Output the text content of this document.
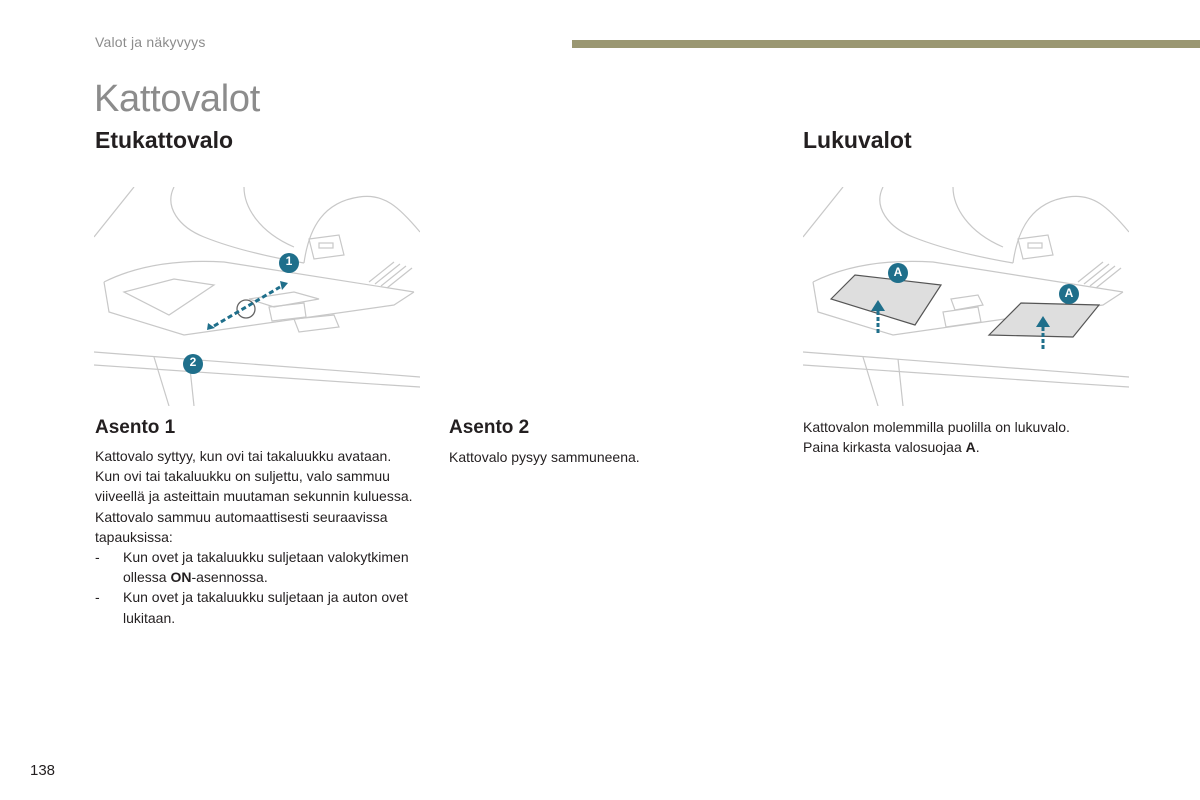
Valot ja näkyvyys
Kattovalot
Etukattovalo	Lukuvalot
1
2
A
A
Asento 1

Kattovalo syttyy, kun ovi tai takaluukku avataan.

Kun ovi tai takaluukku on suljettu, valo sammuu viiveellä ja asteittain muutaman sekunnin kuluessa.

Kattovalo sammuu automaattisesti seuraavissa tapauksissa:

-	Kun ovet ja takaluukku suljetaan valokytkimen ollessa ON-asennossa.
-	Kun ovet ja takaluukku suljetaan ja auton ovet lukitaan.
Asento 2

Kattovalo pysyy sammuneena.

Kattovalon molemmilla puolilla on lukuvalo.

Paina kirkasta valosuojaa A.

138
